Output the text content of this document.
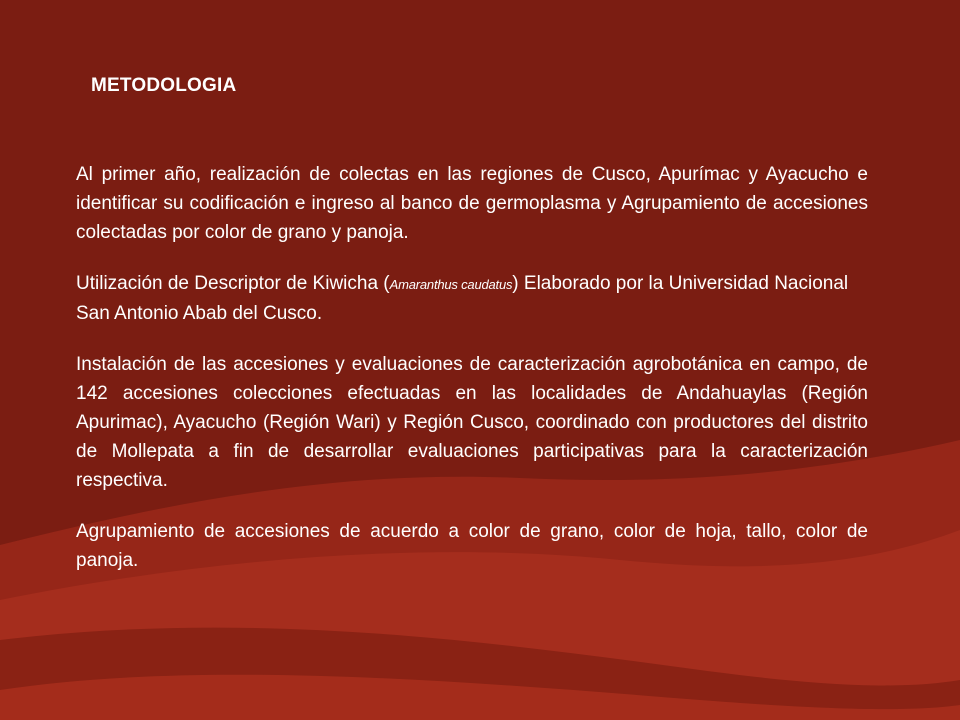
METODOLOGIA

Al primer año, realización de colectas en las regiones de Cusco, Apurímac y Ayacucho e identificar su codificación e ingreso al banco de germoplasma y Agrupamiento de accesiones colectadas por color de grano y panoja.

Utilización de Descriptor de Kiwicha (Amaranthus caudatus) Elaborado por la Universidad Nacional San Antonio Abab del Cusco.

Instalación de las accesiones y evaluaciones de caracterización agrobotánica en campo, de 142 accesiones colecciones efectuadas en las localidades de Andahuaylas (Región Apurimac), Ayacucho (Región Wari) y Región Cusco, coordinado con productores del distrito de Mollepata a fin de desarrollar evaluaciones participativas para la caracterización respectiva.

Agrupamiento de accesiones de acuerdo a color de grano, color de hoja, tallo, color de panoja.
